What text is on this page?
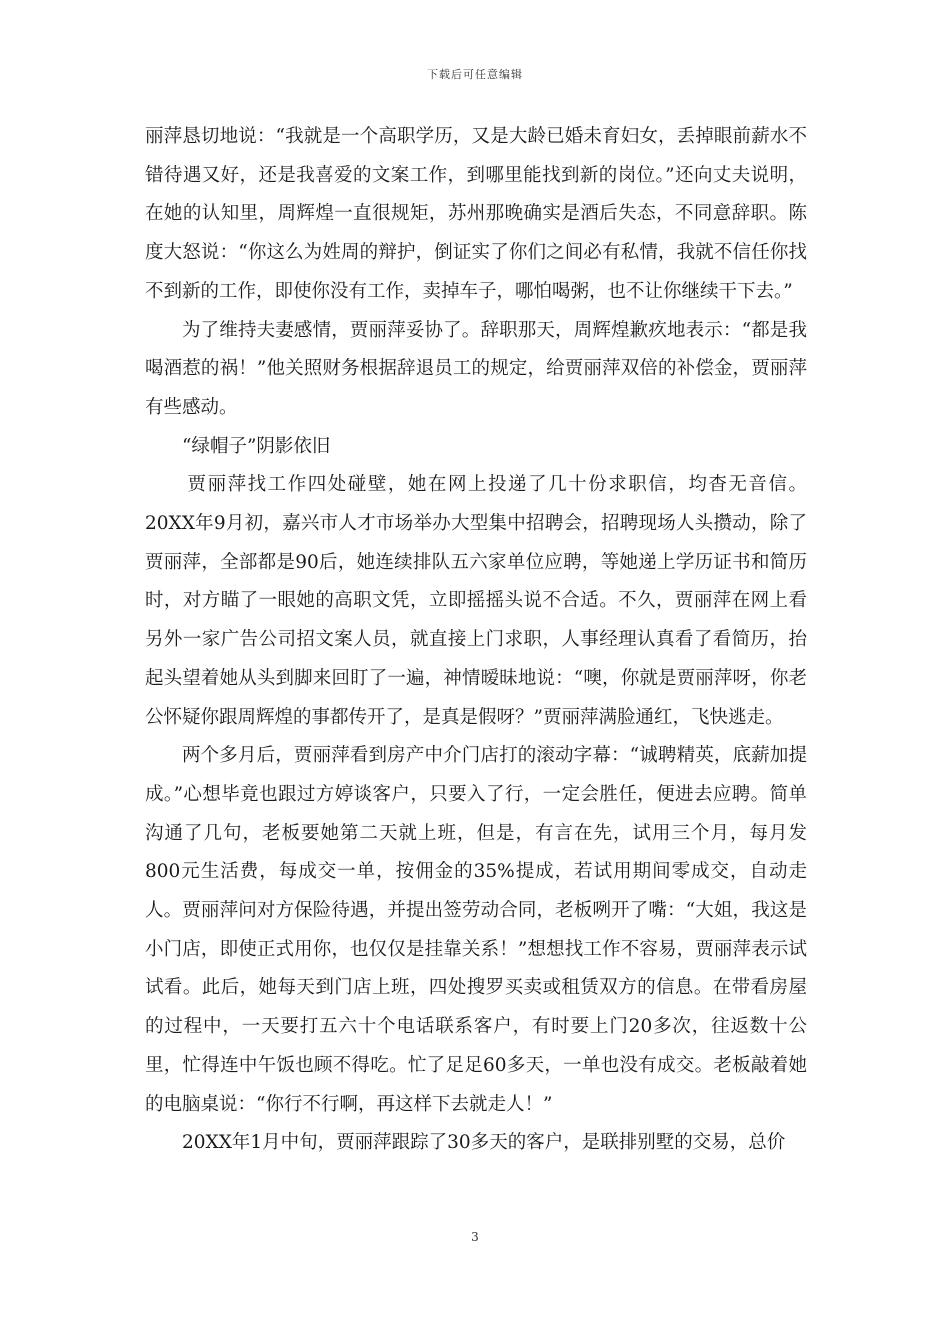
下载后可任意编辑

丽萍恳切地说：“我就是一个高职学历，又是大龄已婚未育妇女，丢掉眼前薪水不错待遇又好，还是我喜爱的文案工作，到哪里能找到新的岗位。”还向丈夫说明，在她的认知里，周辉煌一直很规矩，苏州那晚确实是酒后失态，不同意辞职。陈度大怒说：“你这么为姓周的辩护，倒证实了你们之间必有私情，我就不信任你找不到新的工作，即使你没有工作，卖掉车子，哪怕喝粥，也不让你继续干下去。”

为了维持夫妻感情，贾丽萍妥协了。辞职那天，周辉煌歉疚地表示：“都是我喝酒惹的祸！”他关照财务根据辞退员工的规定，给贾丽萍双倍的补偿金，贾丽萍有些感动。

“绿帽子”阴影依旧

贾丽萍找工作四处碰壁，她在网上投递了几十份求职信，均杳无音信。20XX年9月初，嘉兴市人才市场举办大型集中招聘会，招聘现场人头攒动，除了贾丽萍，全部都是90后，她连续排队五六家单位应聘，等她递上学历证书和简历时，对方瞄了一眼她的高职文凭，立即摇摇头说不合适。不久，贾丽萍在网上看另外一家广告公司招文案人员，就直接上门求职，人事经理认真看了看简历，抬起头望着她从头到脚来回盯了一遍，神情暧昧地说：“噢，你就是贾丽萍呀，你老公怀疑你跟周辉煌的事都传开了，是真是假呀？”贾丽萍满脸通红，飞快逃走。

两个多月后，贾丽萍看到房产中介门店打的滚动字幕：“诚聘精英，底薪加提成。”心想毕竟也跟过方婷谈客户，只要入了行，一定会胜任，便进去应聘。简单沟通了几句，老板要她第二天就上班，但是，有言在先，试用三个月，每月发800元生活费，每成交一单，按佣金的35%提成，若试用期间零成交，自动走人。贾丽萍问对方保险待遇，并提出签劳动合同，老板咧开了嘴：“大姐，我这是小门店，即使正式用你，也仅仅是挂靠关系！”想想找工作不容易，贾丽萍表示试试看。此后，她每天到门店上班，四处搜罗买卖或租赁双方的信息。在带看房屋的过程中，一天要打五六十个电话联系客户，有时要上门20多次，往返数十公里，忙得连中午饭也顾不得吃。忙了足足60多天，一单也没有成交。老板敲着她的电脑桌说：“你行不行啊，再这样下去就走人！”

20XX年1月中旬，贾丽萍跟踪了30多天的客户，是联排别墅的交易，总价

3
